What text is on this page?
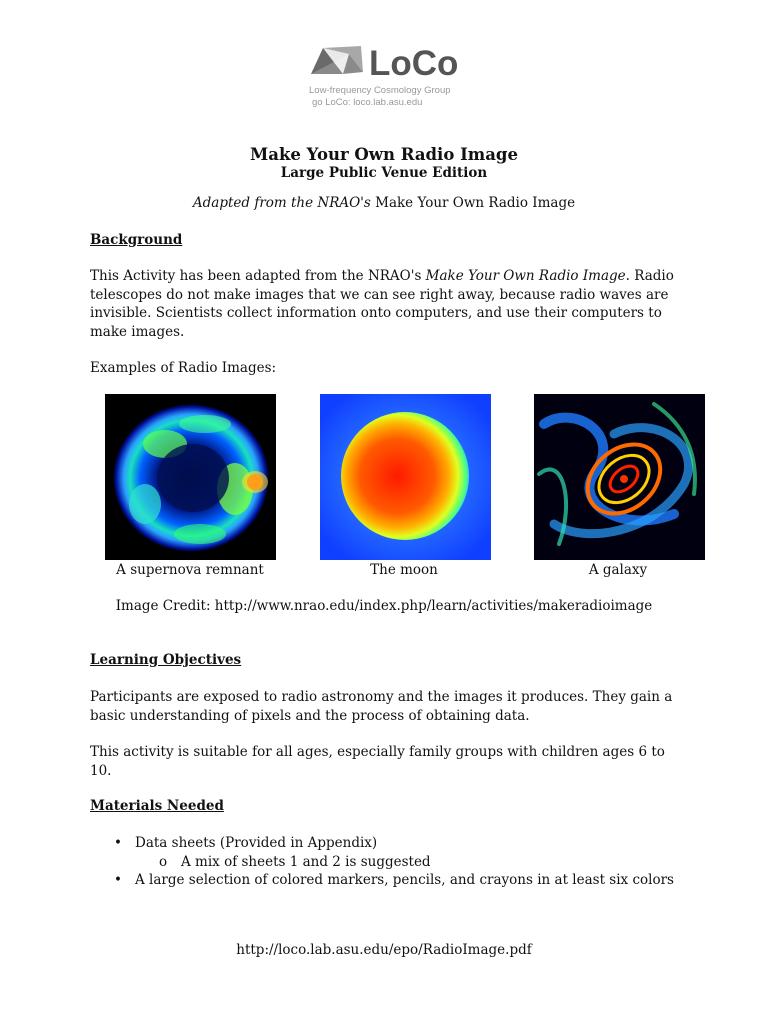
LoCo
Low-frequency Cosmology Group
go LoCo: loco.lab.asu.edu
Make Your Own Radio Image
Large Public Venue Edition
Adapted from the NRAO's Make Your Own Radio Image
Background
This Activity has been adapted from the NRAO's Make Your Own Radio Image. Radio telescopes do not make images that we can see right away, because radio waves are invisible. Scientists collect information onto computers, and use their computers to make images.
Examples of Radio Images:
A supernova remnant	The moon	A galaxy
Image Credit: http://www.nrao.edu/index.php/learn/activities/makeradioimage
Learning Objectives
Participants are exposed to radio astronomy and the images it produces. They gain a basic understanding of pixels and the process of obtaining data.
This activity is suitable for all ages, especially family groups with children ages 6 to 10.
Materials Needed
• Data sheets (Provided in Appendix)
o A mix of sheets 1 and 2 is suggested
• A large selection of colored markers, pencils, and crayons in at least six colors
http://loco.lab.asu.edu/epo/RadioImage.pdf
